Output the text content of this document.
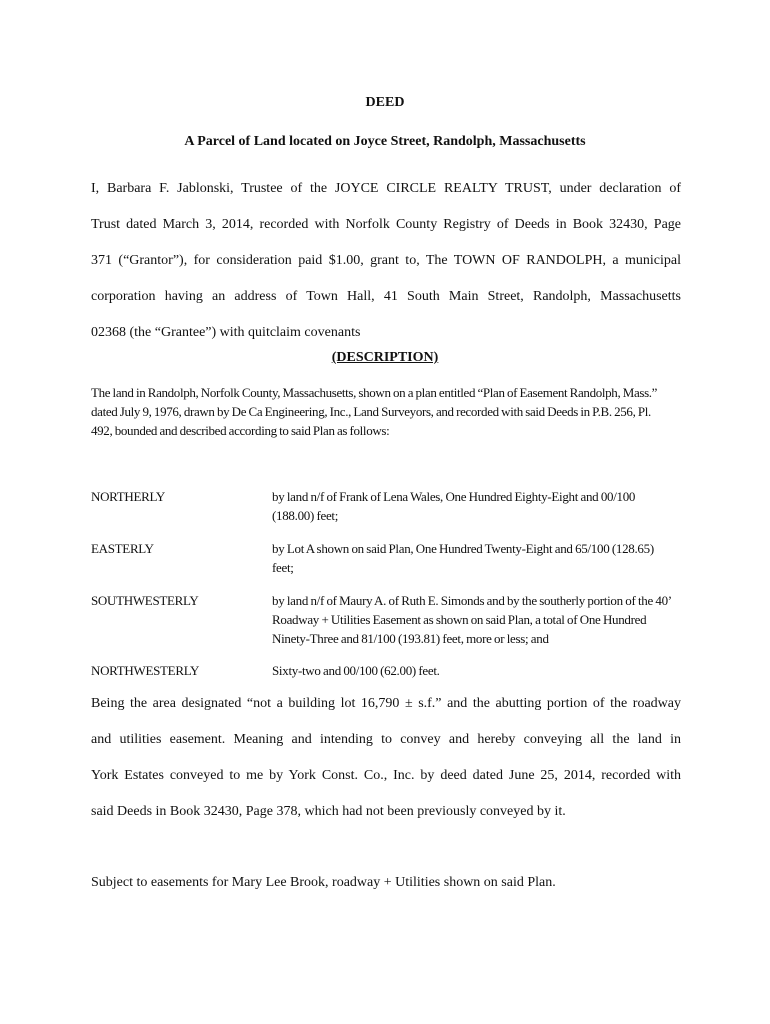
DEED
A Parcel of Land located on Joyce Street, Randolph, Massachusetts
I, Barbara F. Jablonski, Trustee of the JOYCE CIRCLE REALTY TRUST, under declaration of
Trust dated March 3, 2014, recorded with Norfolk County Registry of Deeds in Book 32430, Page
371 (“Grantor”), for consideration paid $1.00, grant to, The TOWN OF RANDOLPH, a municipal
corporation having an address of Town Hall, 41 South Main Street, Randolph, Massachusetts
02368 (the “Grantee”) with quitclaim covenants
(DESCRIPTION)
The land in Randolph, Norfolk County, Massachusetts, shown on a plan entitled “Plan of Easement Randolph, Mass.” dated July 9, 1976, drawn by De Ca Engineering, Inc., Land Surveyors, and recorded with said Deeds in P.B. 256, Pl. 492, bounded and described according to said Plan as follows:
NORTHERLY	by land n/f of Frank of Lena Wales, One Hundred Eighty-Eight and 00/100 (188.00) feet;
EASTERLY	by Lot A shown on said Plan, One Hundred Twenty-Eight and 65/100 (128.65) feet;
SOUTHWESTERLY	by land n/f of Maury A. of Ruth E. Simonds and by the southerly portion of the 40’ Roadway + Utilities Easement as shown on said Plan, a total of One Hundred Ninety-Three and 81/100 (193.81) feet, more or less; and
NORTHWESTERLY	Sixty-two and 00/100 (62.00) feet.
Being the area designated “not a building lot 16,790 ± s.f.” and the abutting portion of the roadway
and utilities easement. Meaning and intending to convey and hereby conveying all the land in
York Estates conveyed to me by York Const. Co., Inc. by deed dated June 25, 2014, recorded with
said Deeds in Book 32430, Page 378, which had not been previously conveyed by it.
Subject to easements for Mary Lee Brook, roadway + Utilities shown on said Plan.
